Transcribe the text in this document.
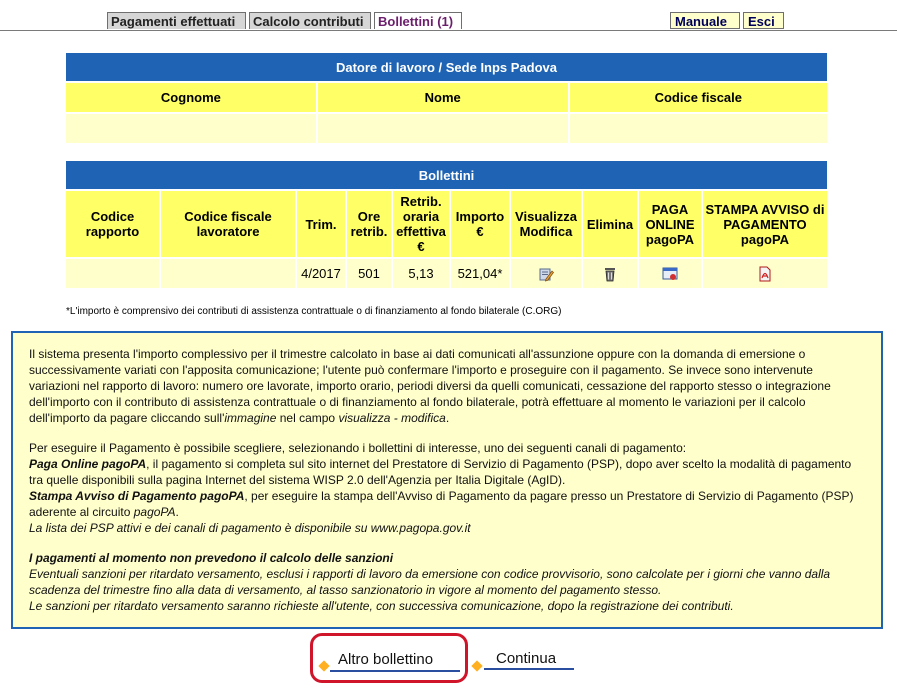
Pagamenti effettuati	Calcolo contributi	Bollettini (1)	Manuale	Esci
Datore di lavoro / Sede Inps Padova		
Cognome	Nome	Codice fiscale

Bollettini									
Codice rapporto	Codice fiscale lavoratore	Trim.	Ore retrib.	Retrib. oraria effettiva €	Importo €	Visualizza Modifica	Elimina	PAGA ONLINE pagoPA	STAMPA AVVISO di PAGAMENTO pagoPA
		4/2017	501	5,13	521,04*				
*L'importo è comprensivo dei contributi di assistenza contrattuale o di finanziamento al fondo bilaterale (C.ORG)

Il sistema presenta l'importo complessivo per il trimestre calcolato in base ai dati comunicati all'assunzione oppure con la domanda di emersione o successivamente variati con l'apposita comunicazione; l'utente può confermare l'importo e proseguire con il pagamento. Se invece sono intervenute variazioni nel rapporto di lavoro: numero ore lavorate, importo orario, periodi diversi da quelli comunicati, cessazione del rapporto stesso o integrazione dell'importo con il contributo di assistenza contrattuale o di finanziamento al fondo bilaterale, potrà effettuare al momento le variazioni per il calcolo dell'importo da pagare cliccando sull'immagine nel campo visualizza - modifica.

Per eseguire il Pagamento è possibile scegliere, selezionando i bollettini di interesse, uno dei seguenti canali di pagamento:

Paga Online pagoPA, il pagamento si completa sul sito internet del Prestatore di Servizio di Pagamento (PSP), dopo aver scelto la modalità di pagamento tra quelle disponibili sulla pagina Internet del sistema WISP 2.0 dell'Agenzia per Italia Digitale (AgID).

Stampa Avviso di Pagamento pagoPA, per eseguire la stampa dell'Avviso di Pagamento da pagare presso un Prestatore di Servizio di Pagamento (PSP) aderente al circuito pagoPA.

La lista dei PSP attivi e dei canali di pagamento è disponibile su www.pagopa.gov.it

I pagamenti al momento non prevedono il calcolo delle sanzioni

Eventuali sanzioni per ritardato versamento, esclusi i rapporti di lavoro da emersione con codice provvisorio, sono calcolate per i giorni che vanno dalla scadenza del trimestre fino alla data di versamento, al tasso sanzionatorio in vigore al momento del pagamento stesso.

Le sanzioni per ritardato versamento saranno richieste all'utente, con successiva comunicazione, dopo la registrazione dei contributi.

Altro bollettino	Continua
